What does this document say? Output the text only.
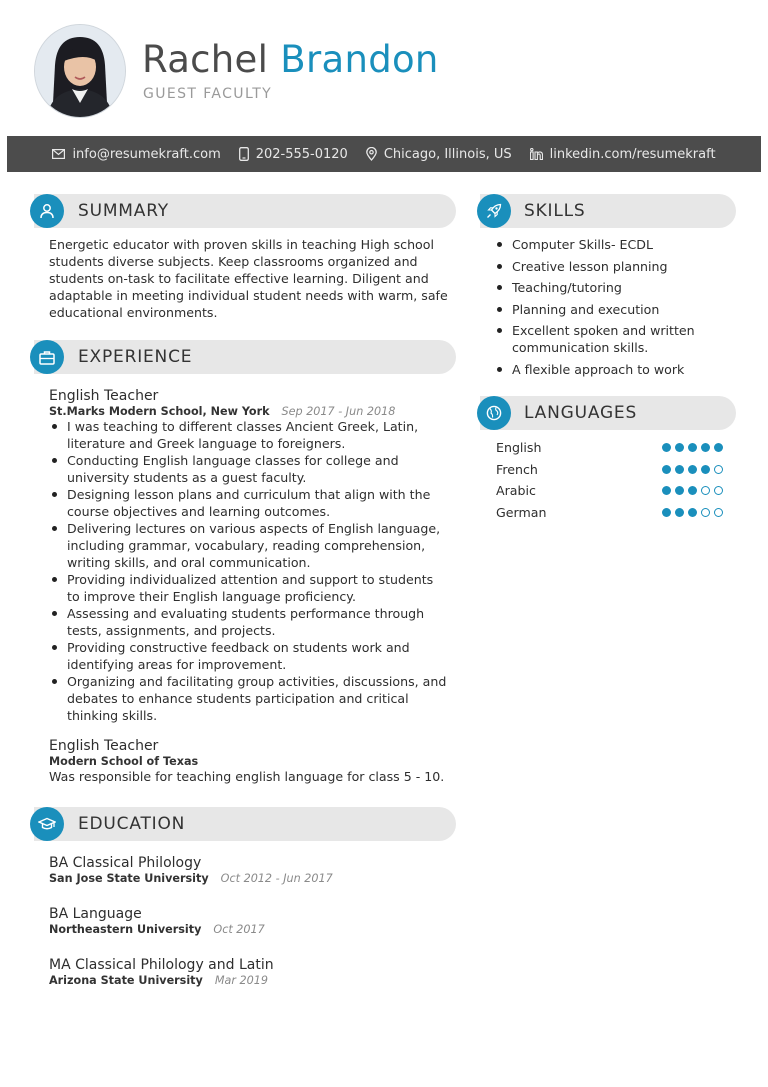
Rachel Brandon
GUEST FACULTY
info@resumekraft.com	202-555-0120	Chicago, Illinois, US	linkedin.com/resumekraft
SUMMARY
Energetic educator with proven skills in teaching High school students diverse subjects. Keep classrooms organized and students on-task to facilitate effective learning. Diligent and adaptable in meeting individual student needs with warm, safe educational environments.
EXPERIENCE
English Teacher
St.Marks Modern School, New York Sep 2017 - Jun 2018
I was teaching to different classes Ancient Greek, Latin, literature and Greek language to foreigners.
Conducting English language classes for college and university students as a guest faculty.
Designing lesson plans and curriculum that align with the course objectives and learning outcomes.
Delivering lectures on various aspects of English language, including grammar, vocabulary, reading comprehension, writing skills, and oral communication.
Providing individualized attention and support to students to improve their English language proficiency.
Assessing and evaluating students performance through tests, assignments, and projects.
Providing constructive feedback on students work and identifying areas for improvement.
Organizing and facilitating group activities, discussions, and debates to enhance students participation and critical thinking skills.
English Teacher
Modern School of Texas
Was responsible for teaching english language for class 5 - 10.
EDUCATION
BA Classical Philology
San Jose State University Oct 2012 - Jun 2017
BA Language
Northeastern University Oct 2017
MA Classical Philology and Latin
Arizona State University Mar 2019
SKILLS
Computer Skills- ECDL
Creative lesson planning
Teaching/tutoring
Planning and execution
Excellent spoken and written communication skills.
A flexible approach to work
LANGUAGES
English
French
Arabic
German
